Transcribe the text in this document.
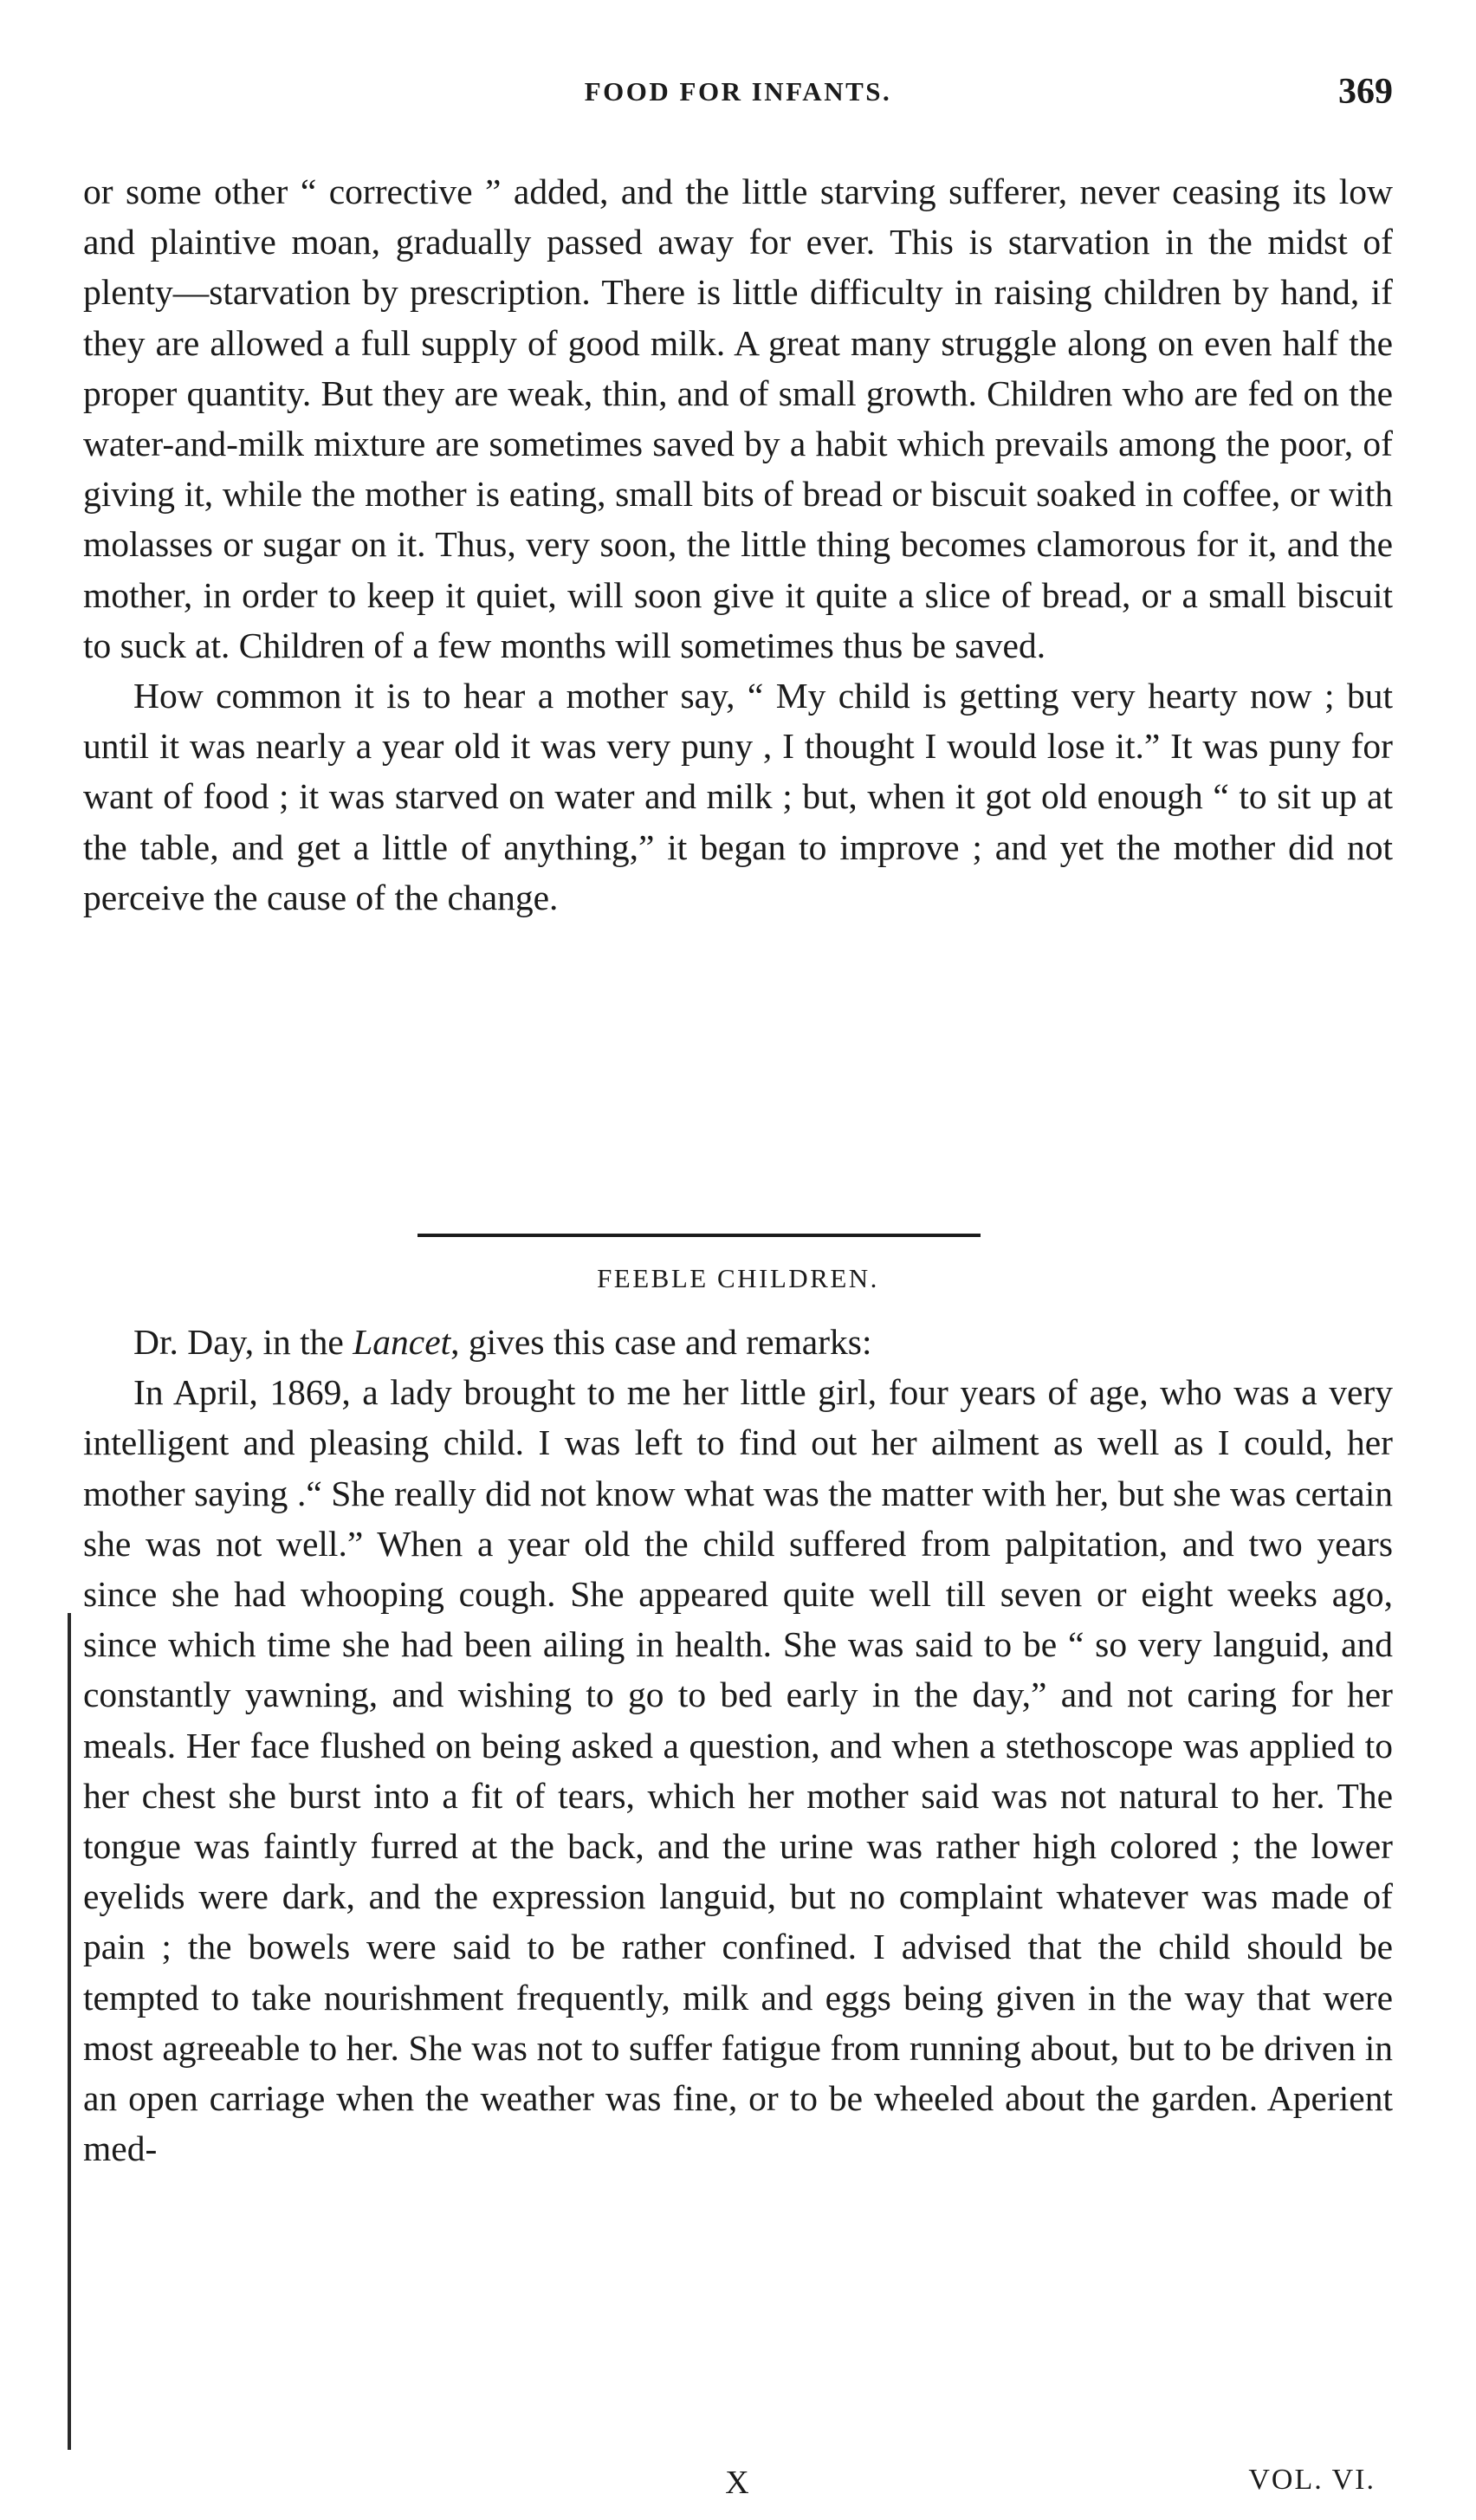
FOOD FOR INFANTS.	369

or some other “ corrective ” added, and the little starving sufferer, never ceasing its low and plaintive moan, gradually passed away for ever. This is starvation in the midst of plenty—starvation by prescription. There is little difficulty in raising children by hand, if they are allowed a full supply of good milk. A great many struggle along on even half the proper quantity. But they are weak, thin, and of small growth. Children who are fed on the water-and-milk mixture are sometimes saved by a habit which prevails among the poor, of giving it, while the mother is eating, small bits of bread or biscuit soaked in coffee, or with molasses or sugar on it. Thus, very soon, the little thing becomes clamorous for it, and the mother, in order to keep it quiet, will soon give it quite a slice of bread, or a small biscuit to suck at. Children of a few months will sometimes thus be saved.

How common it is to hear a mother say, “ My child is getting very hearty now ; but until it was nearly a year old it was very puny , I thought I would lose it.” It was puny for want of food ; it was starved on water and milk ; but, when it got old enough “ to sit up at the table, and get a little of anything,” it began to improve ; and yet the mother did not perceive the cause of the change.

FEEBLE CHILDREN.

Dr. Day, in the Lancet, gives this case and remarks:

In April, 1869, a lady brought to me her little girl, four years of age, who was a very intelligent and pleasing child. I was left to find out her ailment as well as I could, her mother saying .“ She really did not know what was the matter with her, but she was certain she was not well.” When a year old the child suffered from palpitation, and two years since she had whooping cough. She appeared quite well till seven or eight weeks ago, since which time she had been ailing in health. She was said to be “ so very languid, and constantly yawning, and wishing to go to bed early in the day,” and not caring for her meals. Her face flushed on being asked a question, and when a stethoscope was applied to her chest she burst into a fit of tears, which her mother said was not natural to her. The tongue was faintly furred at the back, and the urine was rather high colored ; the lower eyelids were dark, and the expression languid, but no complaint whatever was made of pain ; the bowels were said to be rather confined. I advised that the child should be tempted to take nourishment frequently, milk and eggs being given in the way that were most agreeable to her. She was not to suffer fatigue from running about, but to be driven in an open carriage when the weather was fine, or to be wheeled about the garden. Aperient med-

X	VOL. VI.
